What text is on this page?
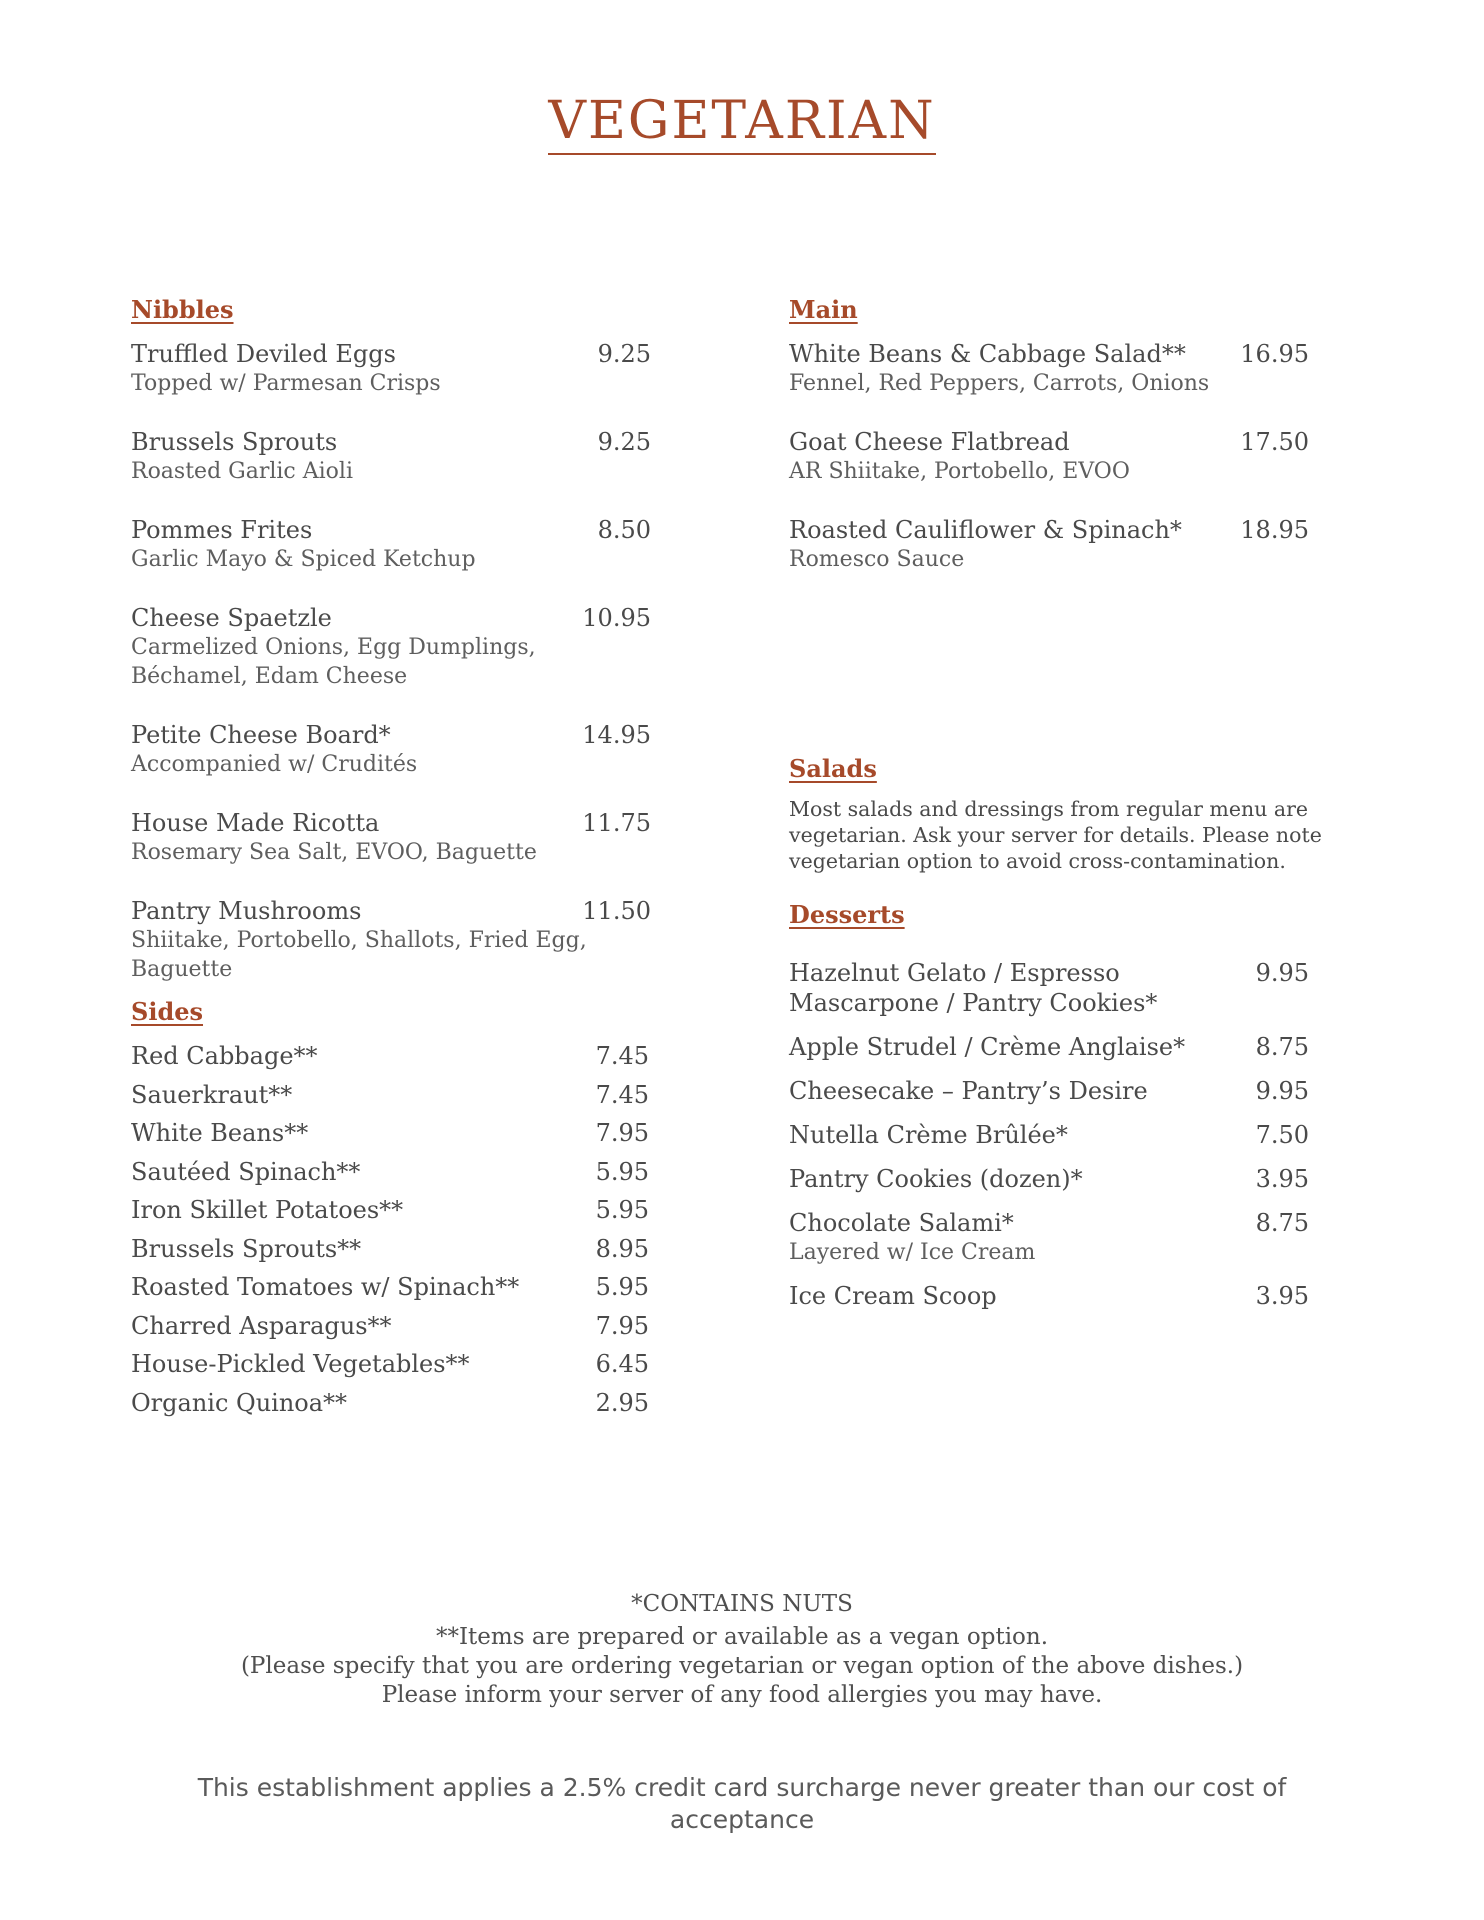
VEGETARIAN
Nibbles
Truffled Deviled Eggs	9.25
Topped w/ Parmesan Crisps
Brussels Sprouts	9.25
Roasted Garlic Aioli
Pommes Frites	8.50
Garlic Mayo & Spiced Ketchup
Cheese Spaetzle	10.95
Carmelized Onions, Egg Dumplings,
Béchamel, Edam Cheese
Petite Cheese Board*	14.95
Accompanied w/ Crudités
House Made Ricotta	11.75
Rosemary Sea Salt, EVOO, Baguette
Pantry Mushrooms	11.50
Shiitake, Portobello, Shallots, Fried Egg,
Baguette
Sides
Red Cabbage**	7.45
Sauerkraut**	7.45
White Beans**	7.95
Sautéed Spinach**	5.95
Iron Skillet Potatoes**	5.95
Brussels Sprouts**	8.95
Roasted Tomatoes w/ Spinach**	5.95
Charred Asparagus**	7.95
House-Pickled Vegetables**	6.45
Organic Quinoa**	2.95
Main
White Beans & Cabbage Salad** 16.95
Fennel, Red Peppers, Carrots, Onions
Goat Cheese Flatbread	17.50
AR Shiitake, Portobello, EVOO
Roasted Cauliflower & Spinach* 18.95
Romesco Sauce
Salads
Most salads and dressings from regular menu are
vegetarian. Ask your server for details. Please note
vegetarian option to avoid cross-contamination.
Desserts
Hazelnut Gelato / Espresso
Mascarpone / Pantry Cookies*
9.95
Apple Strudel / Crème Anglaise*	8.75
Cheesecake – Pantry’s Desire	9.95
Nutella Crème Brûlée*	7.50
Pantry Cookies (dozen)*	3.95
Chocolate Salami*
Layered w/ Ice Cream
8.75
Ice Cream Scoop	3.95
*CONTAINS NUTS
**Items are prepared or available as a vegan option.
(Please specify that you are ordering vegetarian or vegan option of the above dishes.)
Please inform your server of any food allergies you may have.
This establishment applies a 2.5% credit card surcharge never greater than our cost of acceptance
